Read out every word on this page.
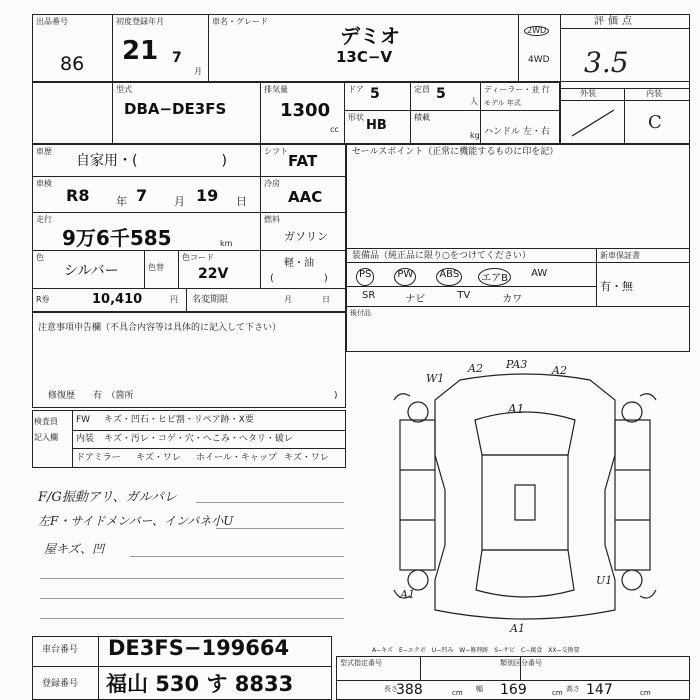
出品番号
86
初度登録年月
21 7
月
車名・グレード
デミオ
13C−V
2WD
4WD
評価点
3.5
外装	内装
C
型式
DBA−DE3FS
排気量
1300
cc
ドア 5	定員 5	人
ディーラー・並 行
モデル 年式
形状
HB
積載
kg ハンドル 左・右
車歴
自家用・(　　　　　　)
シフト
FAT
車検
R8 年 7 月 19 日
冷房
AAC
走行
9万6千585	km
燃料
ガソリン
色
シルバー	色替
色コード
22V
軽・油
(　　　　　)
R券	10,410	円 名変期限	月	日
セールスポイント（正常に機能するものに印を記）
装備品（純正品に限り○をつけてください）	新車保証書
有・無
PS	PW	ABS	エアB	AW
SR	ナビ	TV	カワ
後付品
注意事項申告欄（不具合内容等は具体的に記入して下さい）
修復歴　　有　（箇所	)
検査員
記入欄
FW キズ・凹石・ヒビ割・リペア跡・X要
内装 キズ・汚レ・コゲ・穴・へこみ・ヘタリ・破レ
ドアミラー キズ・ワレ ホイール・キャップ キズ・ワレ
F/G振動アリ、ガルパレ
左F・サイドメンバー、インパネ小U
屋キズ、凹
W1
A2 PA3 A2
A1
A1
U1
A1
車台番号 DE3FS−199664
登録番号 福山 530 す 8833
A−キズ　E−エクボ　U−凹み　W−修理跡　S−サビ　C−腐食　XX−交換要
型式指定番号	類別区分番号
長さ
388	cm 幅 169	cm 高さ 147	cm
